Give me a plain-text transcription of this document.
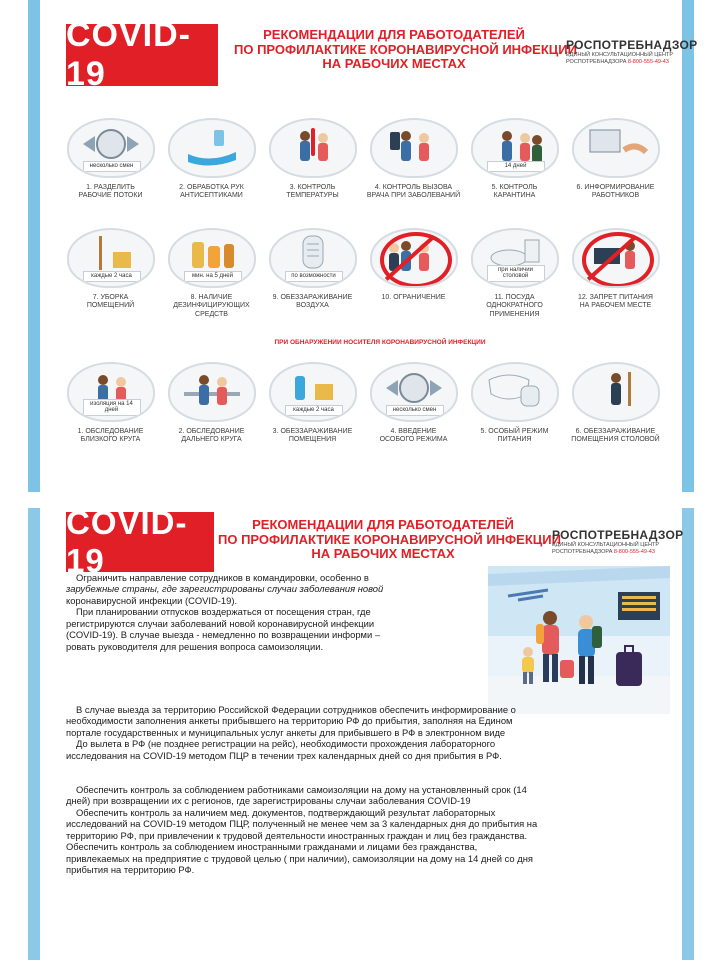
COVID-19
РЕКОМЕНДАЦИИ ДЛЯ РАБОТОДАТЕЛЕЙ
ПО ПРОФИЛАКТИКЕ КОРОНАВИРУСНОЙ ИНФЕКЦИИ
НА РАБОЧИХ МЕСТАХ
РОСПОТРЕБНАДЗОР
ЕДИНЫЙ КОНСУЛЬТАЦИОННЫЙ ЦЕНТР
РОСПОТРЕБНАДЗОРА 8-800-555-49-43
несколько смен
1. РАЗДЕЛИТЬ
РАБОЧИЕ ПОТОКИ
2. ОБРАБОТКА РУК
АНТИСЕПТИКАМИ
3. КОНТРОЛЬ
ТЕМПЕРАТУРЫ
4. КОНТРОЛЬ ВЫЗОВА
ВРАЧА ПРИ ЗАБОЛЕВАНИЙ
14 дней
5. КОНТРОЛЬ
КАРАНТИНА
6. ИНФОРМИРОВАНИЕ
РАБОТНИКОВ
каждые 2 часа
7. УБОРКА
ПОМЕЩЕНИЙ
мин. на 5 дней
8. НАЛИЧИЕ
ДЕЗИНФИЦИРУЮЩИХ
СРЕДСТВ
по возможности
9. ОБЕЗЗАРАЖИВАНИЕ
ВОЗДУХА
10. ОГРАНИЧЕНИЕ
при наличии столовой
11. ПОСУДА
ОДНОКРАТНОГО
ПРИМЕНЕНИЯ
12. ЗАПРЕТ ПИТАНИЯ
НА РАБОЧЕМ МЕСТЕ
ПРИ ОБНАРУЖЕНИИ НОСИТЕЛЯ КОРОНАВИРУСНОЙ ИНФЕКЦИИ
изоляция на 14 дней
1. ОБСЛЕДОВАНИЕ
БЛИЗКОГО КРУГА
2. ОБСЛЕДОВАНИЕ
ДАЛЬНЕГО КРУГА
каждые 2 часа
3. ОБЕЗЗАРАЖИВАНИЕ
ПОМЕЩЕНИЯ
несколько смен
4. ВВЕДЕНИЕ
ОСОБОГО РЕЖИМА
5. ОСОБЫЙ РЕЖИМ
ПИТАНИЯ
6. ОБЕЗЗАРАЖИВАНИЕ
ПОМЕЩЕНИЯ СТОЛОВОЙ
COVID-19
РЕКОМЕНДАЦИИ ДЛЯ РАБОТОДАТЕЛЕЙ
ПО ПРОФИЛАКТИКЕ КОРОНАВИРУСНОЙ ИНФЕКЦИИ
НА РАБОЧИХ МЕСТАХ
РОСПОТРЕБНАДЗОР
ЕДИНЫЙ КОНСУЛЬТАЦИОННЫЙ ЦЕНТР
РОСПОТРЕБНАДЗОРА 8-800-555-49-43
Ограничить направление сотрудников в командировки, особенно в
зарубежные страны, где зарегистрированы случаи заболевания новой
коронавирусной инфекции (COVID-19).
При планировании отпусков воздержаться от посещения стран, где
регистрируются случаи заболеваний новой коронавирусной инфекции
(COVID-19). В случае выезда - немедленно по возвращении информи –
ровать руководителя для решения вопроса самоизоляции.
В случае выезда за территорию Российской Федерации сотрудников обеспечить информирование о
необходимости заполнения анкеты прибывшего на территорию РФ до прибытия, заполняя на Едином
портале государственных и муниципальных услуг анкеты для прибывшего в РФ в электронном виде
До вылета в РФ (не позднее регистрации на рейс), необходимости прохождения лабораторного
исследования на COVID-19 методом ПЦР в течении трех календарных дней со дня прибытия в РФ.
Обеспечить контроль за соблюдением работниками самоизоляции на дому на установленный срок (14
дней) при возвращении их с регионов, где зарегистрированы случаи заболевания COVID-19
Обеспечить контроль за наличием мед. документов, подтверждающий результат лабораторных
исследований на COVID-19 методом ПЦР, полученный не менее чем за 3 календарных дня до прибытия на
территорию РФ, при привлечении к трудовой деятельности иностранных граждан и лиц без гражданства.
Обеспечить контроль за соблюдением иностранными гражданами и лицами без гражданства,
привлекаемых на предприятие с трудовой целью ( при наличии), самоизоляции на дому на 14 дней со дня
прибытия на территорию РФ.
